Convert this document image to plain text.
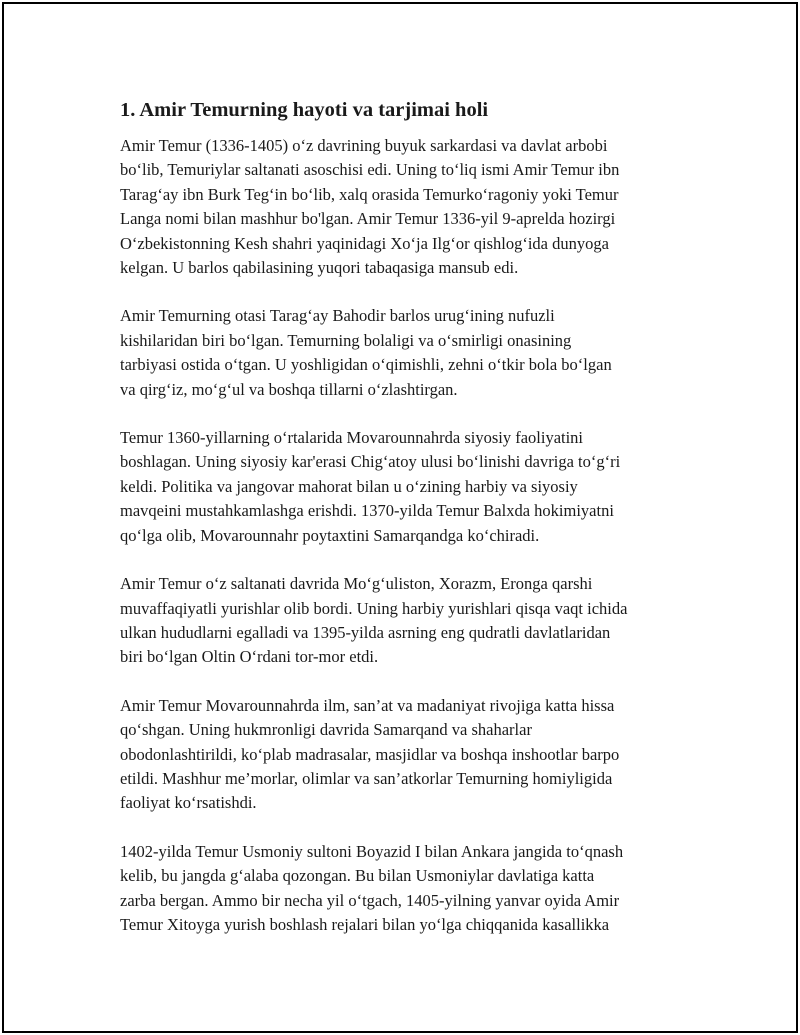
1. Amir Temurning hayoti va tarjimai holi

Amir Temur (1336-1405) o‘z davrining buyuk sarkardasi va davlat arbobi
bo‘lib, Temuriylar saltanati asoschisi edi. Uning to‘liq ismi Amir Temur ibn
Tarag‘ay ibn Burk Teg‘in bo‘lib, xalq orasida Temurko‘ragoniy yoki Temur
Langa nomi bilan mashhur bo'lgan. Amir Temur 1336-yil 9-aprelda hozirgi
O‘zbekistonning Kesh shahri yaqinidagi Xo‘ja Ilg‘or qishlog‘ida dunyoga
kelgan. U barlos qabilasining yuqori tabaqasiga mansub edi.

Amir Temurning otasi Tarag‘ay Bahodir barlos urug‘ining nufuzli
kishilaridan biri bo‘lgan. Temurning bolaligi va o‘smirligi onasining
tarbiyasi ostida o‘tgan. U yoshligidan o‘qimishli, zehni o‘tkir bola bo‘lgan
va qirg‘iz, mo‘g‘ul va boshqa tillarni o‘zlashtirgan.

Temur 1360-yillarning o‘rtalarida Movarounnahrda siyosiy faoliyatini
boshlagan. Uning siyosiy kar'erasi Chig‘atoy ulusi bo‘linishi davriga to‘g‘ri
keldi. Politika va jangovar mahorat bilan u o‘zining harbiy va siyosiy
mavqeini mustahkamlashga erishdi. 1370-yilda Temur Balxda hokimiyatni
qo‘lga olib, Movarounnahr poytaxtini Samarqandga ko‘chiradi.

Amir Temur o‘z saltanati davrida Mo‘g‘uliston, Xorazm, Eronga qarshi
muvaffaqiyatli yurishlar olib bordi. Uning harbiy yurishlari qisqa vaqt ichida
ulkan hududlarni egalladi va 1395-yilda asrning eng qudratli davlatlaridan
biri bo‘lgan Oltin O‘rdani tor-mor etdi.

Amir Temur Movarounnahrda ilm, san’at va madaniyat rivojiga katta hissa
qo‘shgan. Uning hukmronligi davrida Samarqand va shaharlar
obodonlashtirildi, ko‘plab madrasalar, masjidlar va boshqa inshootlar barpo
etildi. Mashhur me’morlar, olimlar va san’atkorlar Temurning homiyligida
faoliyat ko‘rsatishdi.

1402-yilda Temur Usmoniy sultoni Boyazid I bilan Ankara jangida to‘qnash
kelib, bu jangda g‘alaba qozongan. Bu bilan Usmoniylar davlatiga katta
zarba bergan. Ammo bir necha yil o‘tgach, 1405-yilning yanvar oyida Amir
Temur Xitoyga yurish boshlash rejalari bilan yo‘lga chiqqanida kasallikka
